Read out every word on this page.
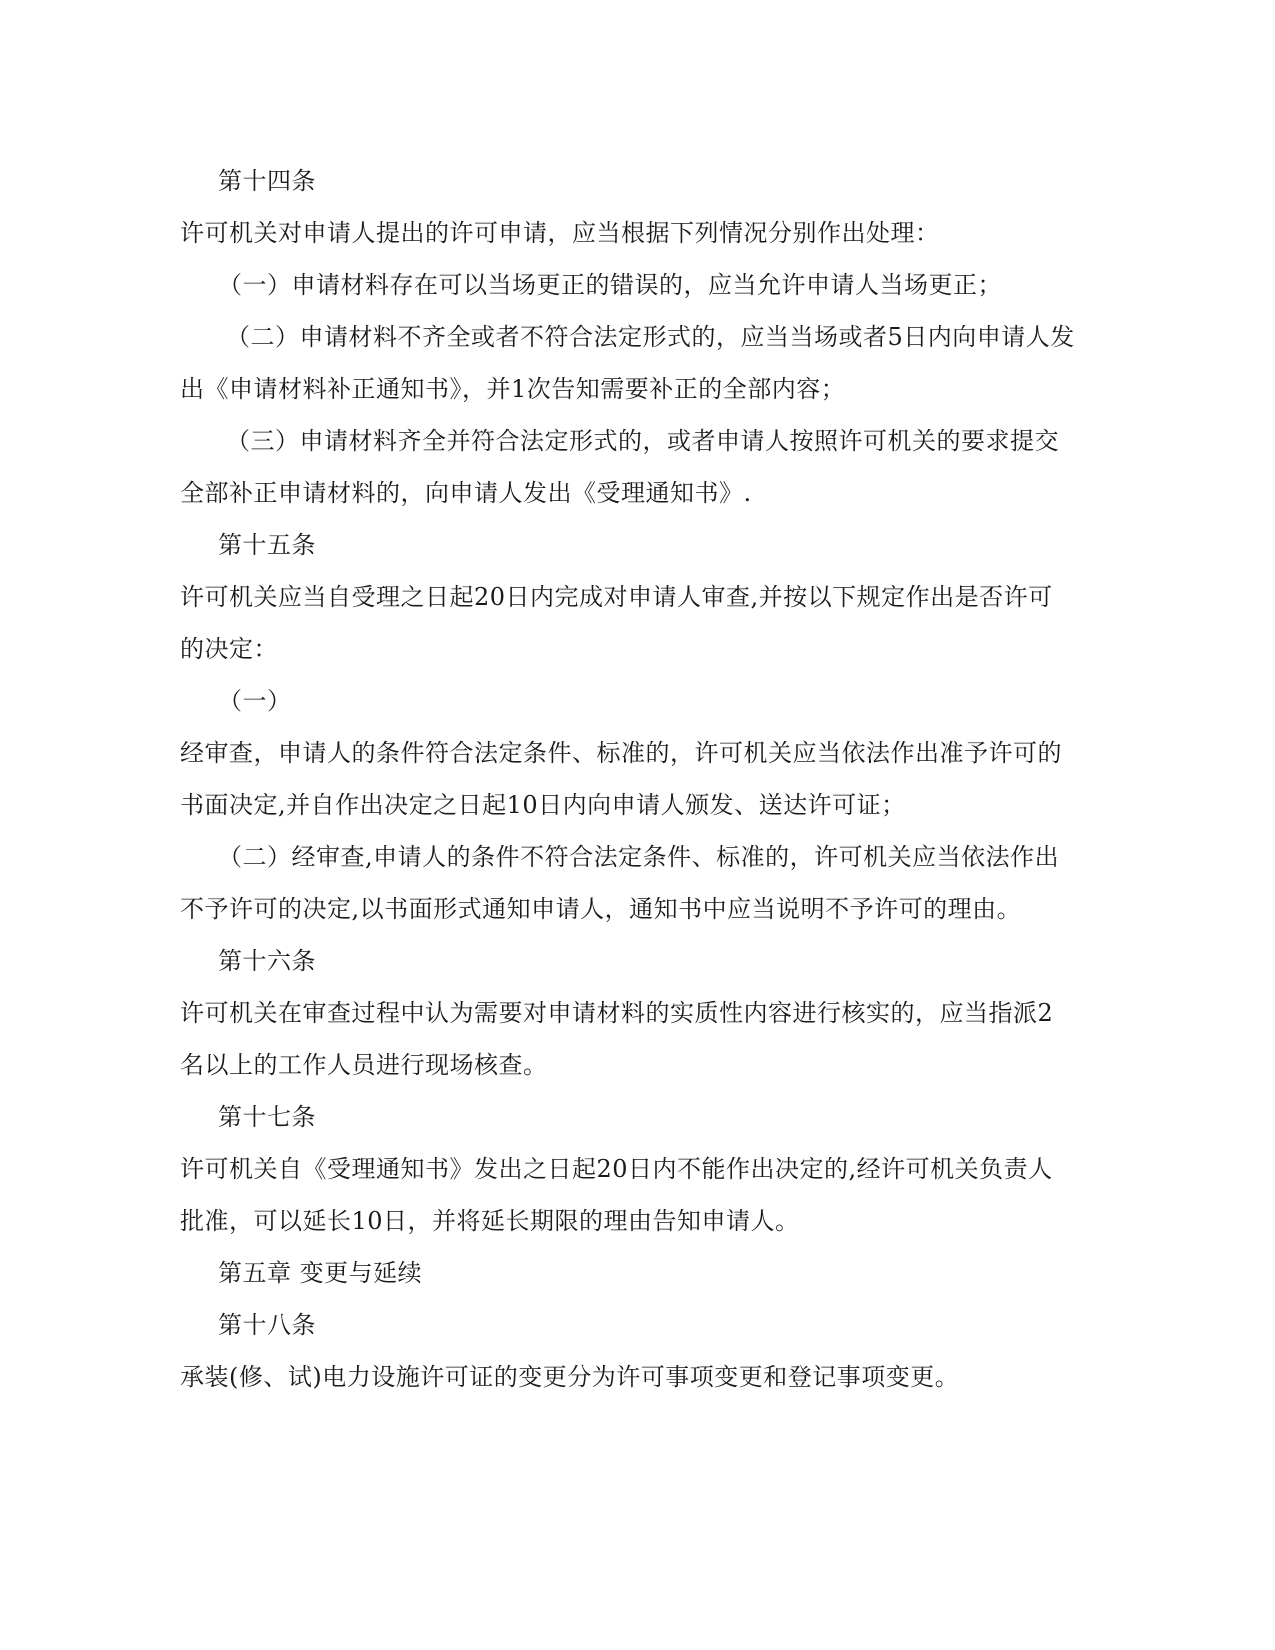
第十四条
许可机关对申请人提出的许可申请，应当根据下列情况分别作出处理：
（一）申请材料存在可以当场更正的错误的，应当允许申请人当场更正；
（二）申请材料不齐全或者不符合法定形式的，应当当场或者5日内向申请人发
出《申请材料补正通知书》，并1次告知需要补正的全部内容；
（三）申请材料齐全并符合法定形式的，或者申请人按照许可机关的要求提交
全部补正申请材料的，向申请人发出《受理通知书》.
第十五条
许可机关应当自受理之日起20日内完成对申请人审查,并按以下规定作出是否许可
的决定：
（一）
经审查，申请人的条件符合法定条件、标准的，许可机关应当依法作出准予许可的
书面决定,并自作出决定之日起10日内向申请人颁发、送达许可证；
（二）经审查,申请人的条件不符合法定条件、标准的，许可机关应当依法作出
不予许可的决定,以书面形式通知申请人，通知书中应当说明不予许可的理由。
第十六条
许可机关在审查过程中认为需要对申请材料的实质性内容进行核实的，应当指派2
名以上的工作人员进行现场核查。
第十七条
许可机关自《受理通知书》发出之日起20日内不能作出决定的,经许可机关负责人
批准，可以延长10日，并将延长期限的理由告知申请人。
第五章 变更与延续
第十八条
承装(修、试)电力设施许可证的变更分为许可事项变更和登记事项变更。
